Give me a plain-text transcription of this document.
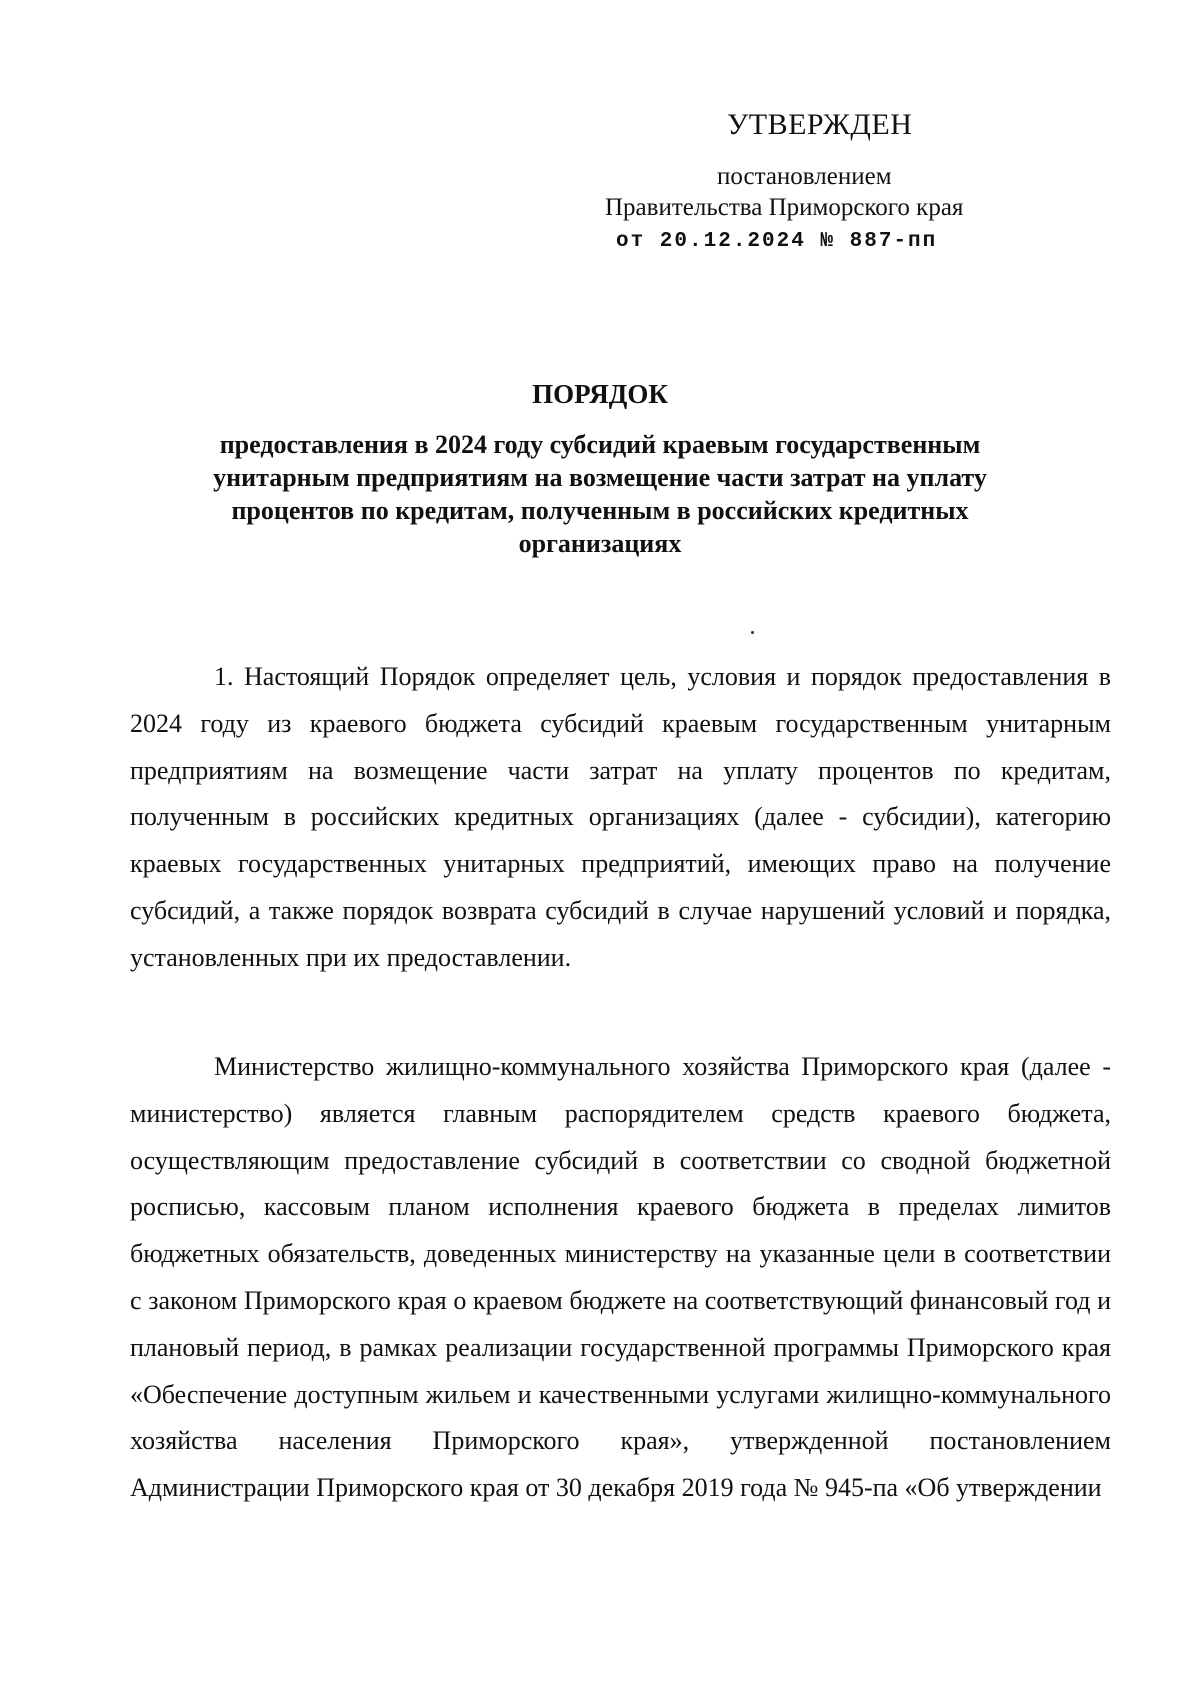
УТВЕРЖДЕН
постановлением
Правительства Приморского края
от 20.12.2024 № 887-пп
ПОРЯДОК
предоставления в 2024 году субсидий краевым государственным унитарным предприятиям на возмещение части затрат на уплату процентов по кредитам, полученным в российских кредитных организациях

1. Настоящий Порядок определяет цель, условия и порядок предоставления в 2024 году из краевого бюджета субсидий краевым государственным унитарным предприятиям на возмещение части затрат на уплату процентов по кредитам, полученным в российских кредитных организациях (далее - субсидии), категорию краевых государственных унитарных предприятий, имеющих право на получение субсидий, а также порядок возврата субсидий в случае нарушений условий и порядка, установленных при их предоставлении.

Министерство жилищно-коммунального хозяйства Приморского края (далее - министерство) является главным распорядителем средств краевого бюджета, осуществляющим предоставление субсидий в соответствии со сводной бюджетной росписью, кассовым планом исполнения краевого бюджета в пределах лимитов бюджетных обязательств, доведенных министерству на указанные цели в соответствии с законом Приморского края о краевом бюджете на соответствующий финансовый год и плановый период, в рамках реализации государственной программы Приморского края «Обеспечение доступным жильем и качественными услугами жилищно-коммунального хозяйства населения Приморского края», утвержденной постановлением Администрации Приморского края от 30 декабря 2019 года № 945-па «Об утверждении
